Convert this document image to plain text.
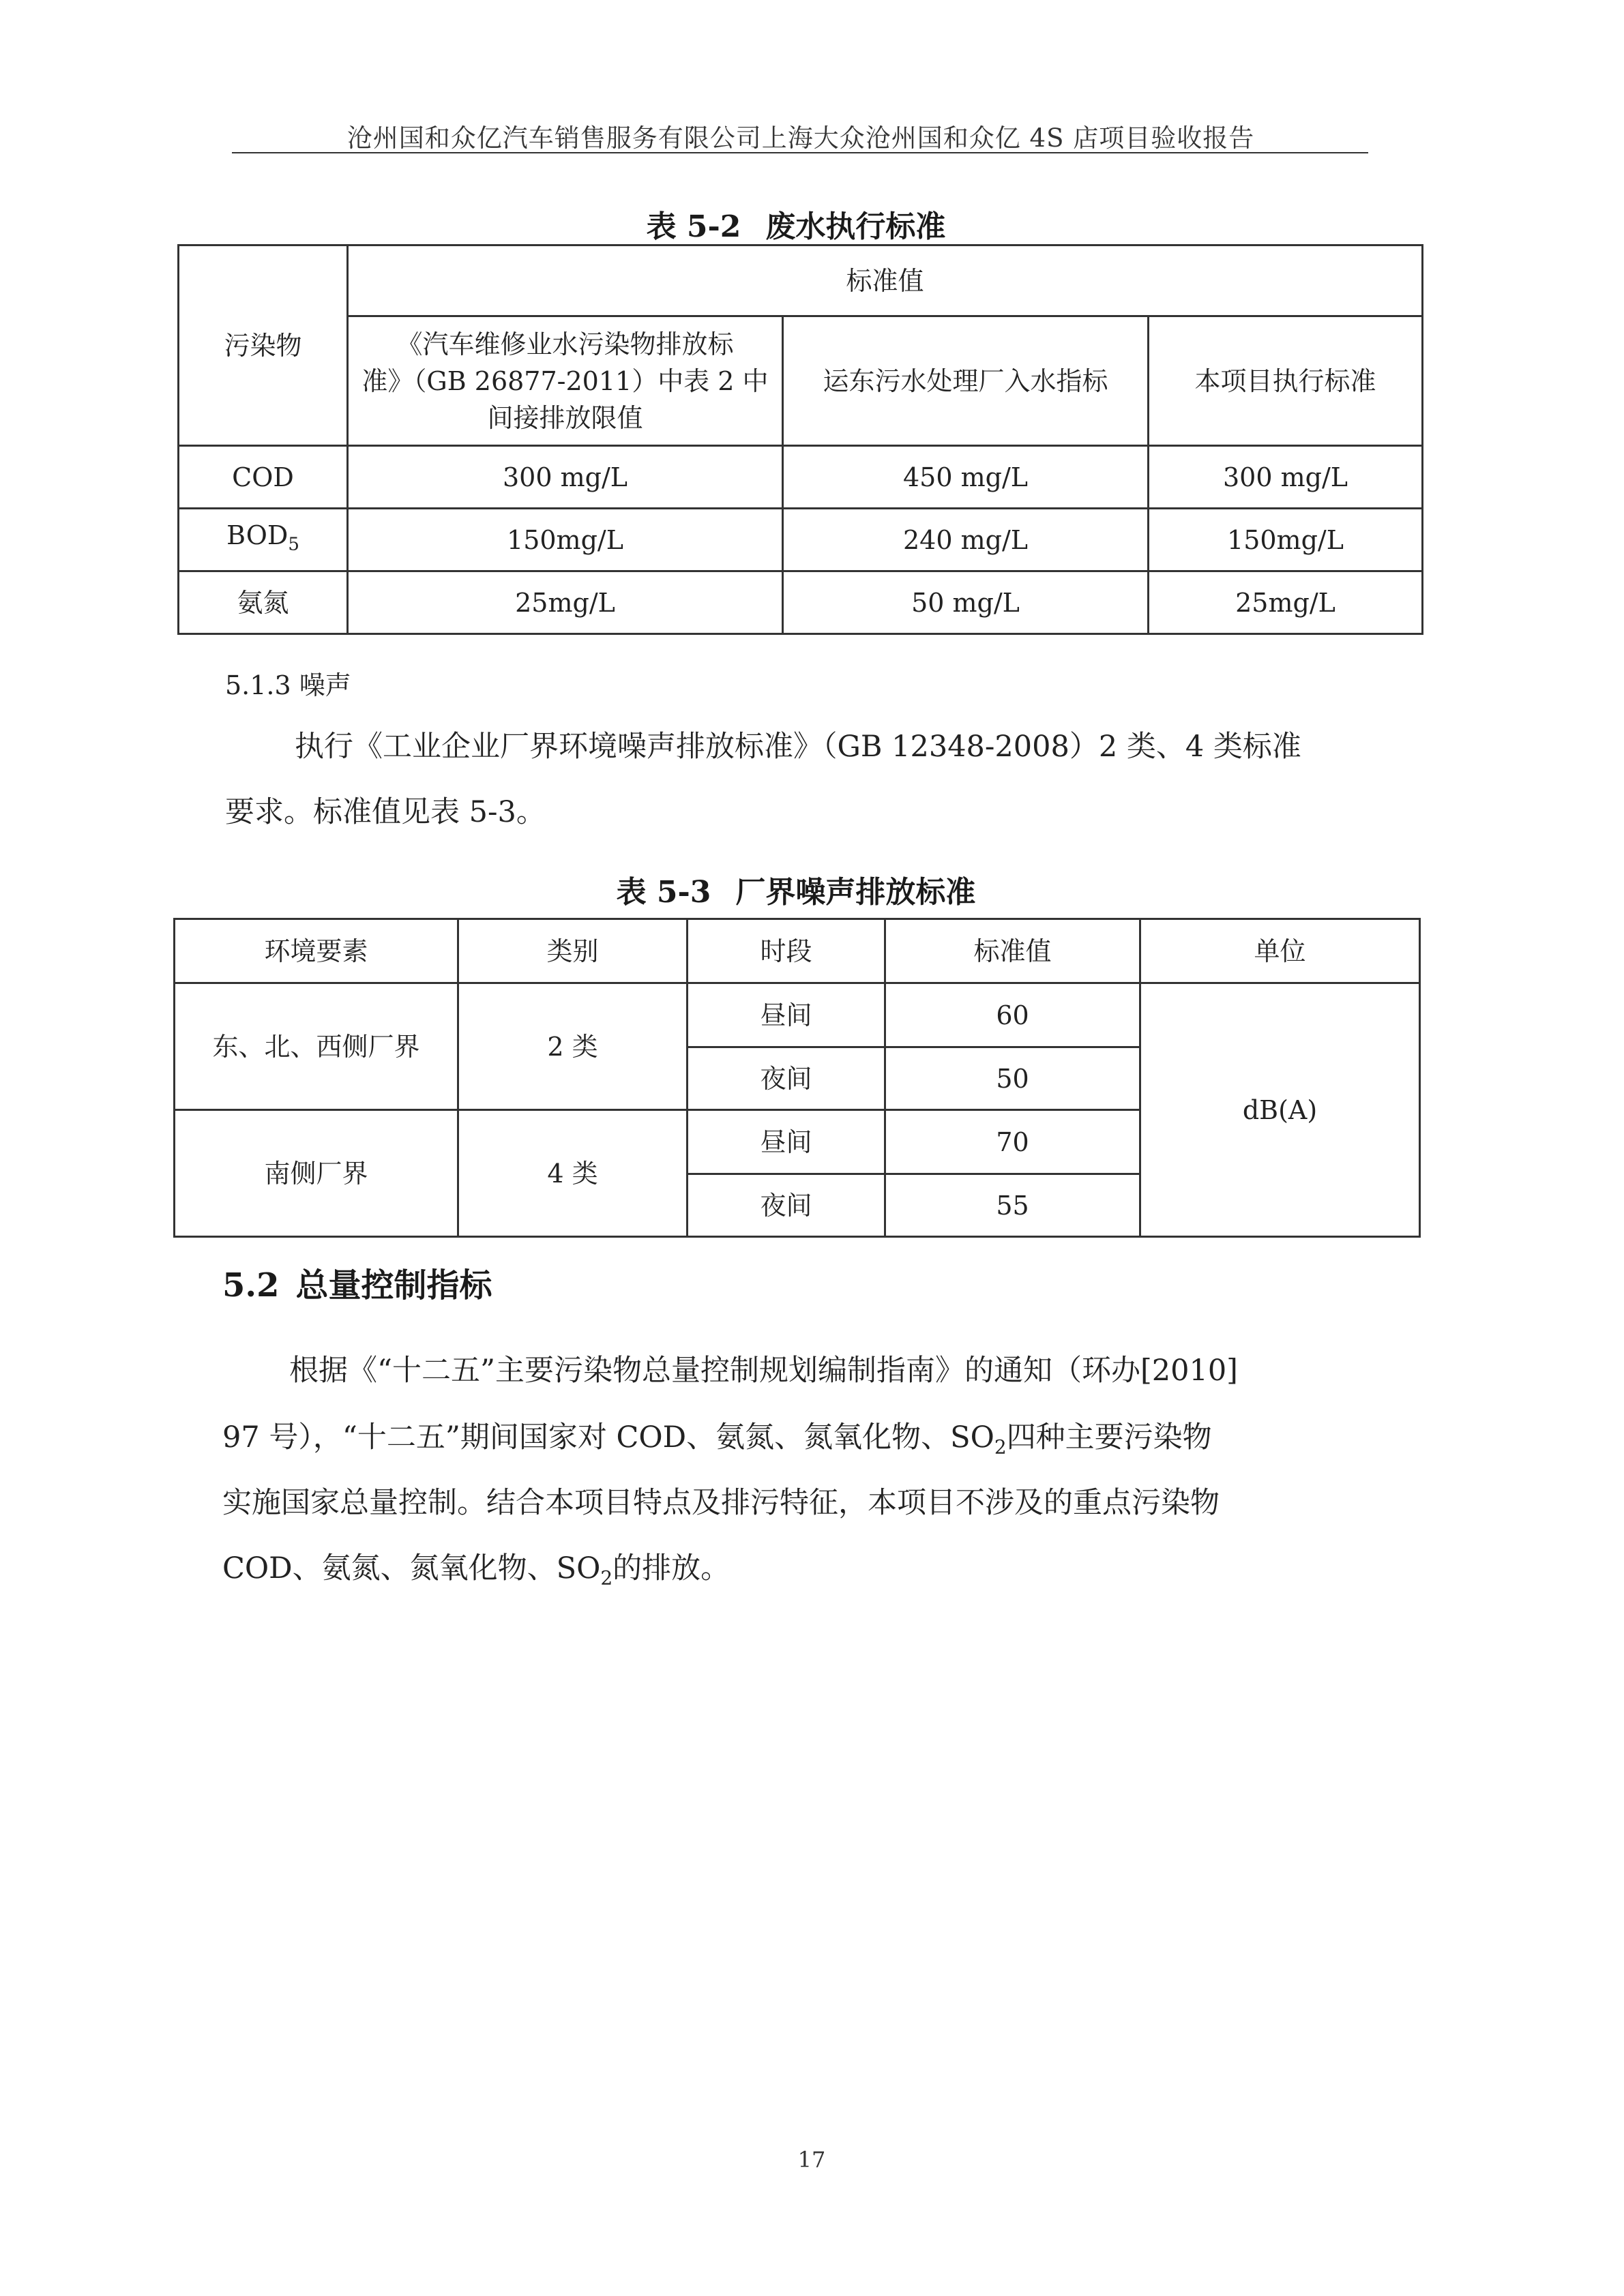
沧州国和众亿汽车销售服务有限公司上海大众沧州国和众亿 4S 店项目验收报告
表 5-2 废水执行标准
污染物	标准值		

	《汽车维修业水污染物排放标
准》（GB 26877-2011）中表 2 中
间接排放限值	运东污水处理厂入水指标	本项目执行标准
COD	300 mg/L	450 mg/L	300 mg/L
$BOD_5$	150mg/L	240 mg/L	150mg/L
氨氮	25mg/L	50 mg/L	25mg/L
5.1.3 噪声
执行《工业企业厂界环境噪声排放标准》（GB 12348-2008）2 类、4 类标准
要求。标准值见表 5-3。
表 5-3 厂界噪声排放标准
环境要素	类别	时段	标准值	单位
东、北、西侧厂界	2 类	昼间	60	dB(A)
		夜间	50	
南侧厂界	4 类	昼间	70	
		夜间	55	
5.2 总量控制指标
根据《“十二五”主要污染物总量控制规划编制指南》的通知（环办[2010]
97 号），“十二五”期间国家对 COD、氨氮、氮氧化物、$SO_2$四种主要污染物
实施国家总量控制。结合本项目特点及排污特征，本项目不涉及的重点污染物
COD、氨氮、氮氧化物、$SO_2$的排放。
17
